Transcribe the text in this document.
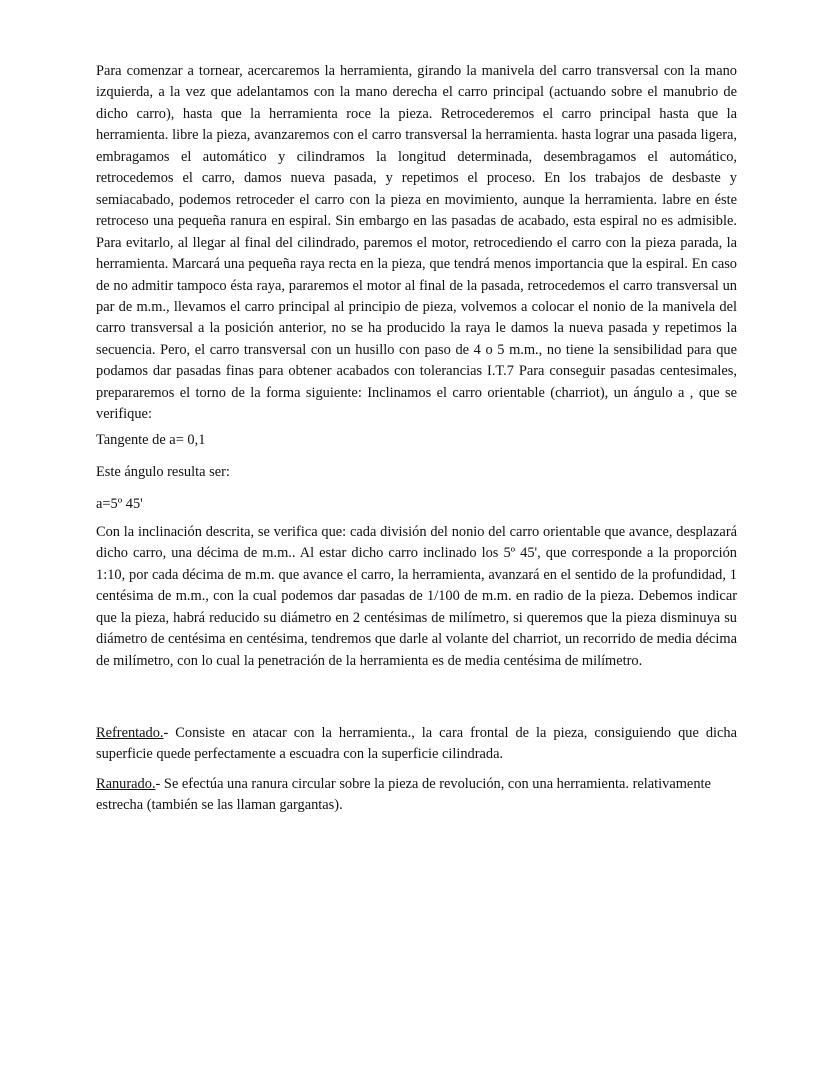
Para comenzar a tornear, acercaremos la herramienta, girando la manivela del carro transversal con la mano izquierda, a la vez que adelantamos con la mano derecha el carro principal (actuando sobre el manubrio de dicho carro), hasta que la herramienta roce la pieza. Retrocederemos el carro principal hasta que la herramienta. libre la pieza, avanzaremos con el carro transversal la herramienta. hasta lograr una pasada ligera, embragamos el automático y cilindramos la longitud determinada, desembragamos el automático, retrocedemos el carro, damos nueva pasada, y repetimos el proceso. En los trabajos de desbaste y semiacabado, podemos retroceder el carro con la pieza en movimiento, aunque la herramienta. labre en éste retroceso una pequeña ranura en espiral. Sin embargo en las pasadas de acabado, esta espiral no es admisible. Para evitarlo, al llegar al final del cilindrado, paremos el motor, retrocediendo el carro con la pieza parada, la herramienta. Marcará una pequeña raya recta en la pieza, que tendrá menos importancia que la espiral. En caso de no admitir tampoco ésta raya, pararemos el motor al final de la pasada, retrocedemos el carro transversal un par de m.m., llevamos el carro principal al principio de pieza, volvemos a colocar el nonio de la manivela del carro transversal a la posición anterior, no se ha producido la raya le damos la nueva pasada y repetimos la secuencia. Pero, el carro transversal con un husillo con paso de 4 o 5 m.m., no tiene la sensibilidad para que podamos dar pasadas finas para obtener acabados con tolerancias I.T.7 Para conseguir pasadas centesimales, prepararemos el torno de la forma siguiente: Inclinamos el carro orientable (charriot), un ángulo a , que se verifique:

Tangente de a= 0,1

Este ángulo resulta ser:

a=5º 45'

Con la inclinación descrita, se verifica que: cada división del nonio del carro orientable que avance, desplazará dicho carro, una décima de m.m.. Al estar dicho carro inclinado los 5º 45', que corresponde a la proporción 1:10, por cada décima de m.m. que avance el carro, la herramienta, avanzará en el sentido de la profundidad, 1 centésima de m.m., con la cual podemos dar pasadas de 1/100 de m.m. en radio de la pieza. Debemos indicar que la pieza, habrá reducido su diámetro en 2 centésimas de milímetro, si queremos que la pieza disminuya su diámetro de centésima en centésima, tendremos que darle al volante del charriot, un recorrido de media décima de milímetro, con lo cual la penetración de la herramienta es de media centésima de milímetro.

Refrentado.- Consiste en atacar con la herramienta., la cara frontal de la pieza, consiguiendo que dicha superficie quede perfectamente a escuadra con la superficie cilindrada.

Ranurado.- Se efectúa una ranura circular sobre la pieza de revolución, con una herramienta. relativamente estrecha (también se las llaman gargantas).
